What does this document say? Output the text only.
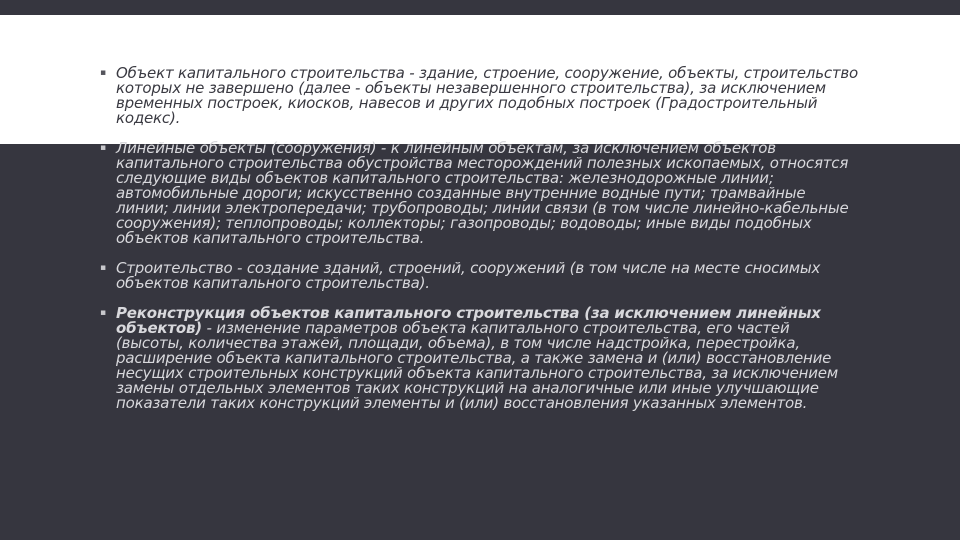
▪ Объект капитального строительства - здание, строение, сооружение, объекты, строительство которых не завершено (далее - объекты незавершенного строительства), за исключением временных построек, киосков, навесов и других подобных построек (Градостроительный кодекс).
▪ Линейные объекты (сооружения) - к линейным объектам, за исключением объектов капитального строительства обустройства месторождений полезных ископаемых, относятся следующие виды объектов капитального строительства: железнодорожные линии; автомобильные дороги; искусственно созданные внутренние водные пути; трамвайные линии; линии электропередачи; трубопроводы; линии связи (в том числе линейно-кабельные сооружения); теплопроводы; коллекторы; газопроводы; водоводы; иные виды подобных объектов капитального строительства.
▪ Строительство - создание зданий, строений, сооружений (в том числе на месте сносимых объектов капитального строительства).
▪ Реконструкция объектов капитального строительства (за исключением линейных объектов) - изменение параметров объекта капитального строительства, его частей (высоты, количества этажей, площади, объема), в том числе надстройка, перестройка, расширение объекта капитального строительства, а также замена и (или) восстановление несущих строительных конструкций объекта капитального строительства, за исключением замены отдельных элементов таких конструкций на аналогичные или иные улучшающие показатели таких конструкций элементы и (или) восстановления указанных элементов.
